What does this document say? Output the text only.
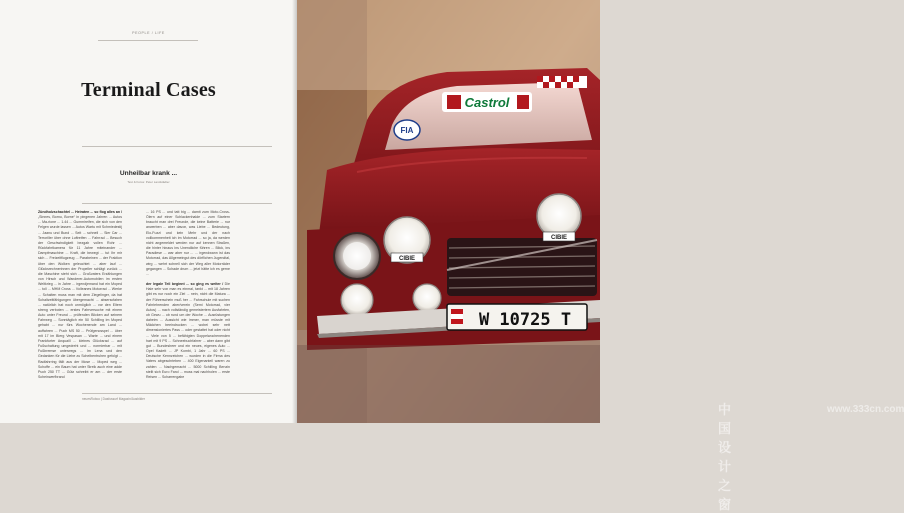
PEOPLE / LIFE
Terminal Cases
Unheilbar krank ...
Text & Fotos: Peter Landstädter

Zündholzschachtel ... Heiraten ... so flog alles an / „Sinnes, Bornu, Borne“ in pingenen Jahren ... Autos ... Ma-rione ... 1.44 ... Gummireifen, die sich von den Felgen wurde lassen ... Autos Wartu mit Schmiedestij ... Jaanu und Bund ... Seit ... schnell ... Sier Car ... Terroriller über ohne Luftreifen ... Fahrrad ... Besuch der Geschwindigkeit bezgab vollen Rohr ... Rückfahrtkamera für 11 Jahre miteinander ... Dampfmaschine ... Kraft, die bewegt ... tut Ihr mir sich ... Freizeitflugzeug ... Parabeinen ... der Fraktion über den Wolken geleuchtet ... aber lauf ... Glücksrechnerinnen der Propeller schlägt zurück ... die Maschine steht sich ... Großvaters Erzählungen von Hirsch und Wanderer-Automobilen im ersten Weltkrieg ... in Jahre ... irgendjemand hat ein Moped ... toll ... MHM Cross ... Volleanes Motorrad ... Werke ... Schalten muss man mit dem Ziegelinger, da hat Schaltzeitfähigungen übergemacht ... abserscfahen ... natürlich hat noch unmöglich ... vor den Eltern streng verboten ... erstes Fahrversuche mit einem Auto unter Freund ... prüfenden Blicken auf seinem Fahrweg ... Sonntäglich ein 50 Schilling im Moped gehabt ... nur fürs Wochenende am Land ... auffahren ... Puch MS 50 ... Prüfgenosspel ... über mit 17 im Bierg Vespasan ... Warte ... und einem Frankfurter Anquaill ... kleines Glücksrad ... auf Fußschaltung umgedreht und ... normierbar ... mit Fußbremse unterwegs ... Im Lena und den Gedanken für die Liebe zu Scheibentruhen gefolgt ... Radfahrring fällt aus der Mose ... Moped weg ... Schoffe ... ein Baum hat unter Streik auch eine adde Puch 250 TT ... Gütz schreibt er am ... der erste Scheinwerfbrand

... 16 PS ... und tatt big ... damit zum Moto-Cross-Ölern auf einer Schlackenhalde ... zum Startern braucht man drei Freunde, die keine Batterie ... nur anwerben ... aber davon, was Liebe ... Bedeutung, Elo-Fuzzi und kein Mehr und der nach vollkommenheit ich im Motorrad ... so ja, da werden nicht angemeldet werden nur auf kennen Straßen, die hinter hinaus ins Unendliche führen ... Blick, ins Paradiese ... war aber nur ... ... irgendwann ist das Motorrad, das Allgemeingut des dörflichen Jugendtal, wirg ... wehrt schnell sich der Weg aller Motorräder gegangen ... Schade drum ... jetzt hätte ich es gerne ...

der legale Teil beginnt ... so ging es weiter / Die Hale sehr von man es einmal, tankt ... mit 18 Jahren gibt es nur noch ein Ziel ... nein, nicht die Matura ... der Führerschein muß her ... Fahrschule mit suchen Fahrlehrenden aber/verein (Semi Motorrad, vier Autos) ... nach vollständig gemeistertem Ausfahrten, ob Gewu ... ob rund um der Woche ... Ausrüstungen daheim ... Aussicht wie immer, man müsste mit Mädchen beeindrucken ... wobei sehr nett dimensioniertes Pass ... oder gestattet hat oder nicht ... Viele von 5 ... befähigten Doppelwochenenden hart mit 9 PS ... Schneebuchfahrer ... aber dann gibt gut ... Bundesheer und ein neues, eigenes Auto ... Opel Kadett ... JP Kombi, 1 Jahr ... 60 PS ... Deutsche Kennzeichen ... wurden in die Firma des Vaters abgeschrieben ... 400 Eigenanteil waren zu zahlen ... Nachgemacht ... 5000 Schilling Benzin stellt sich Euro Farol ... muss mal nachholen ... erste Reisen ... Scharrengabe

neuesRoboo | Dasfussurf Magazin/Ausbilder
Castrol
FIA
CIBIE
CIBIE
W 10725 T
中国设计之窗
www.333cn.com
